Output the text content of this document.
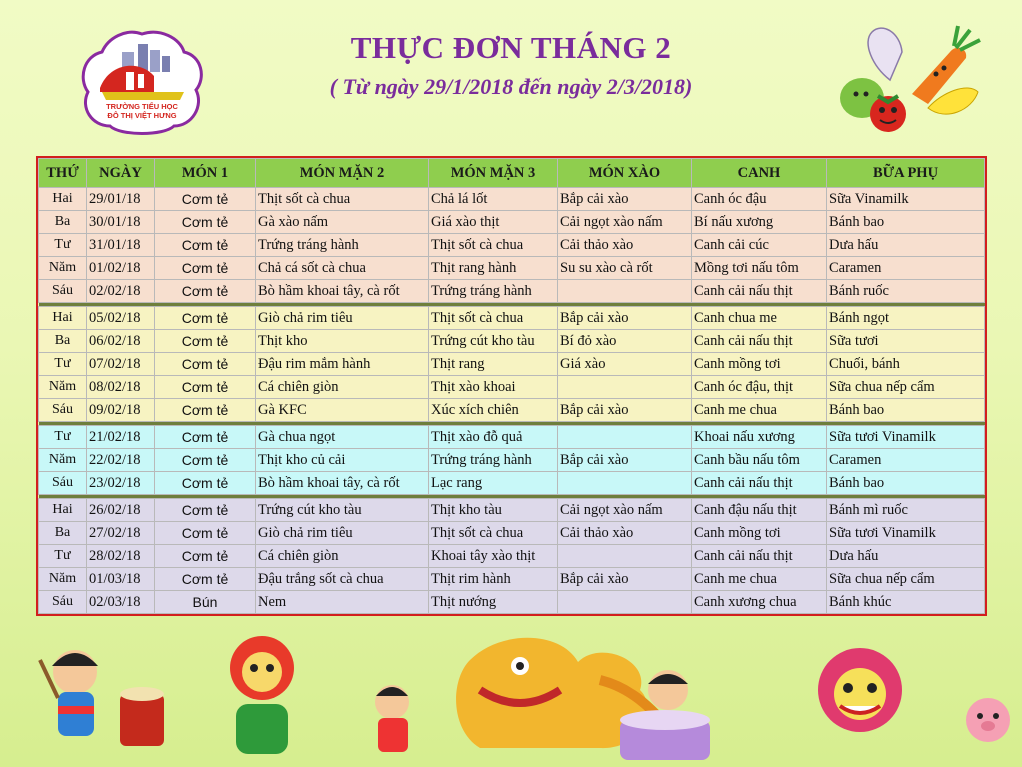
TRƯỜNG TIỂU HỌC
ĐÔ THỊ VIỆT HƯNG
THỰC ĐƠN THÁNG 2
( Từ ngày 29/1/2018 đến ngày 2/3/2018)
THỨ	NGÀY	MÓN 1	MÓN MẶN 2	MÓN MẶN 3	MÓN XÀO	CANH	BỮA PHỤ
Hai	29/01/18	Cơm tẻ	Thịt sốt cà chua	Chả lá lốt	Bắp cải xào	Canh óc đậu	Sữa Vinamilk
Ba	30/01/18	Cơm tẻ	Gà xào nấm	Giá xào thịt	Cải ngọt xào nấm	Bí nấu xương	Bánh bao
Tư	31/01/18	Cơm tẻ	Trứng tráng hành	Thịt sốt cà chua	Cải thảo xào	Canh cải cúc	Dưa hấu
Năm	01/02/18	Cơm tẻ	Chả cá sốt cà chua	Thịt rang hành	Su su xào cà rốt	Mồng tơi nấu tôm	Caramen
Sáu	02/02/18	Cơm tẻ	Bò hầm khoai tây, cà rốt	Trứng tráng hành		Canh cải nấu thịt	Bánh ruốc

Hai	05/02/18	Cơm tẻ	Giò chả rim tiêu	Thịt sốt cà chua	Bắp cải xào	Canh chua me	Bánh ngọt
Ba	06/02/18	Cơm tẻ	Thịt kho	Trứng cút kho tàu	Bí đỏ xào	Canh cải nấu thịt	Sữa tươi
Tư	07/02/18	Cơm tẻ	Đậu rim mắm hành	Thịt rang	Giá xào	Canh mồng tơi	Chuối, bánh
Năm	08/02/18	Cơm tẻ	Cá chiên giòn	Thịt xào khoai		Canh óc đậu, thịt	Sữa chua nếp cẩm
Sáu	09/02/18	Cơm tẻ	Gà KFC	Xúc xích chiên	Bắp cải xào	Canh me chua	Bánh bao

Tư	21/02/18	Cơm tẻ	Gà chua ngọt	Thịt xào đỗ quả		Khoai nấu xương	Sữa tươi Vinamilk
Năm	22/02/18	Cơm tẻ	Thịt kho củ cải	Trứng tráng hành	Bắp cải xào	Canh bầu nấu tôm	Caramen
Sáu	23/02/18	Cơm tẻ	Bò hầm khoai tây, cà rốt	Lạc rang		Canh cải nấu thịt	Bánh bao

Hai	26/02/18	Cơm tẻ	Trứng cút kho tàu	Thịt kho tàu	Cải ngọt xào nấm	Canh đậu nấu thịt	Bánh mì ruốc
Ba	27/02/18	Cơm tẻ	Giò chả rim tiêu	Thịt sốt cà chua	Cải thảo xào	Canh mồng tơi	Sữa tươi Vinamilk
Tư	28/02/18	Cơm tẻ	Cá chiên giòn	Khoai tây xào thịt		Canh cải nấu thịt	Dưa hấu
Năm	01/03/18	Cơm tẻ	Đậu trắng sốt cà chua	Thịt rim hành	Bắp cải xào	Canh me chua	Sữa chua nếp cẩm
Sáu	02/03/18	Bún	Nem	Thịt nướng		Canh xương chua	Bánh khúc
